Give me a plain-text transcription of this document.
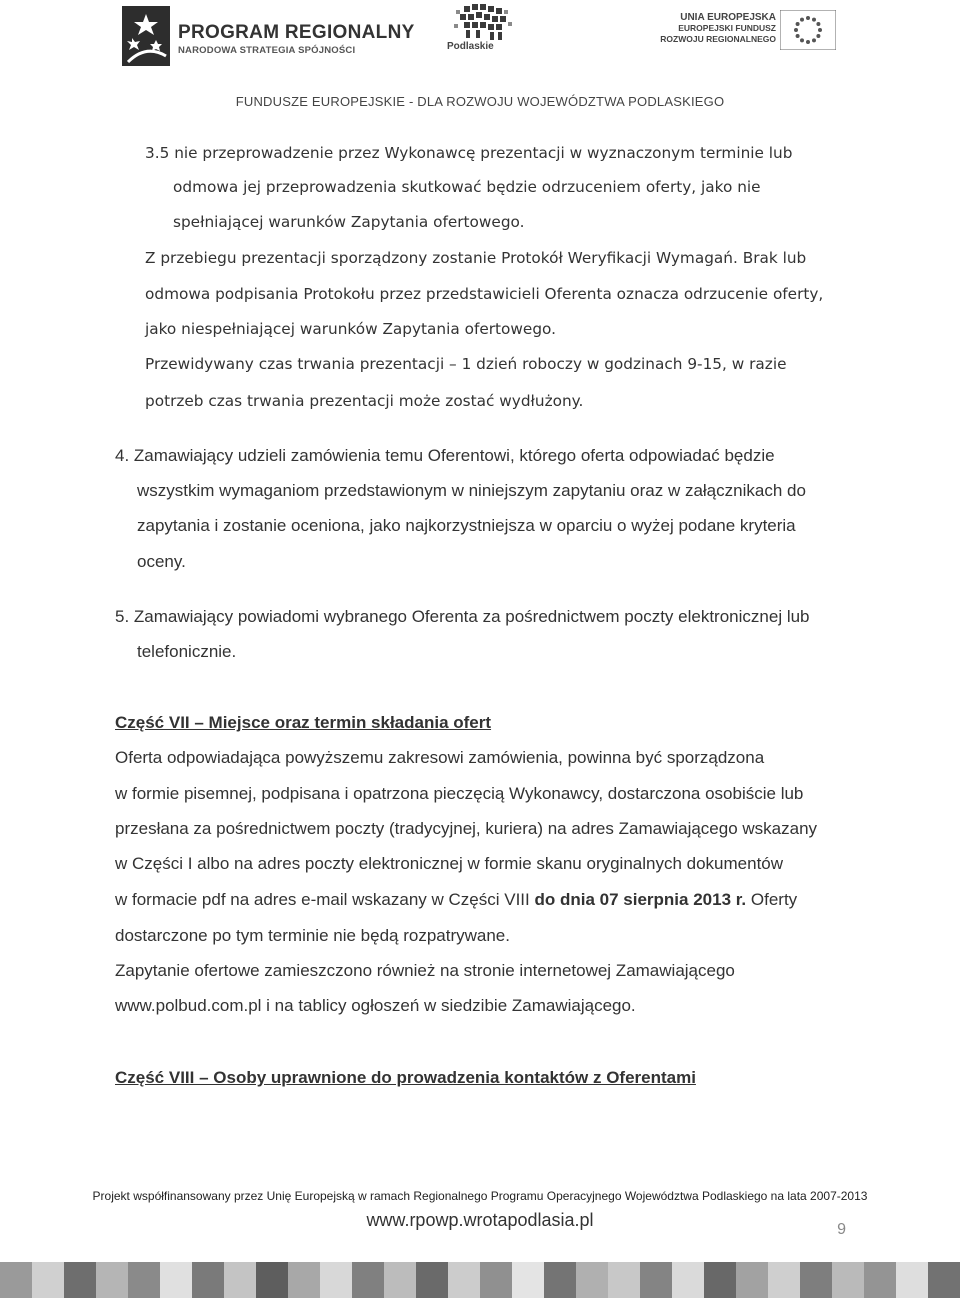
PROGRAM REGIONALNY
NARODOWA STRATEGIA SPÓJNOŚCI	Podlaskie
UNIA EUROPEJSKA
EUROPEJSKI FUNDUSZ
ROZWOJU REGIONALNEGO
FUNDUSZE EUROPEJSKIE - DLA ROZWOJU WOJEWÓDZTWA PODLASKIEGO
3.5 nie przeprowadzenie przez Wykonawcę prezentacji w wyznaczonym terminie lub
odmowa jej przeprowadzenia skutkować będzie odrzuceniem oferty, jako nie
spełniającej warunków Zapytania ofertowego.
Z przebiegu prezentacji sporządzony zostanie Protokół Weryfikacji Wymagań. Brak lub
odmowa podpisania Protokołu przez przedstawicieli Oferenta oznacza odrzucenie oferty,
jako niespełniającej warunków Zapytania ofertowego.
Przewidywany czas trwania prezentacji – 1 dzień roboczy w godzinach 9-15, w razie
potrzeb czas trwania prezentacji może zostać wydłużony.
4. Zamawiający udzieli zamówienia temu Oferentowi, którego oferta odpowiadać będzie
wszystkim wymaganiom przedstawionym w niniejszym zapytaniu oraz w załącznikach do
zapytania i zostanie oceniona, jako najkorzystniejsza w oparciu o wyżej podane kryteria
oceny.
5. Zamawiający powiadomi wybranego Oferenta za pośrednictwem poczty elektronicznej lub
telefonicznie.
Część VII – Miejsce oraz termin składania ofert
Oferta odpowiadająca powyższemu zakresowi zamówienia, powinna być sporządzona
w formie pisemnej, podpisana i opatrzona pieczęcią Wykonawcy, dostarczona osobiście lub
przesłana za pośrednictwem poczty (tradycyjnej, kuriera) na adres Zamawiającego wskazany
w Części I albo na adres poczty elektronicznej w formie skanu oryginalnych dokumentów
w formacie pdf na adres e-mail wskazany w Części VIII do dnia 07 sierpnia 2013 r. Oferty
dostarczone po tym terminie nie będą rozpatrywane.
Zapytanie ofertowe zamieszczono również na stronie internetowej Zamawiającego
www.polbud.com.pl i na tablicy ogłoszeń w siedzibie Zamawiającego.
Część VIII – Osoby uprawnione do prowadzenia kontaktów z Oferentami
Projekt współfinansowany przez Unię Europejską w ramach Regionalnego Programu Operacyjnego Województwa Podlaskiego na lata 2007-2013
www.rpowp.wrotapodlasia.pl	9
